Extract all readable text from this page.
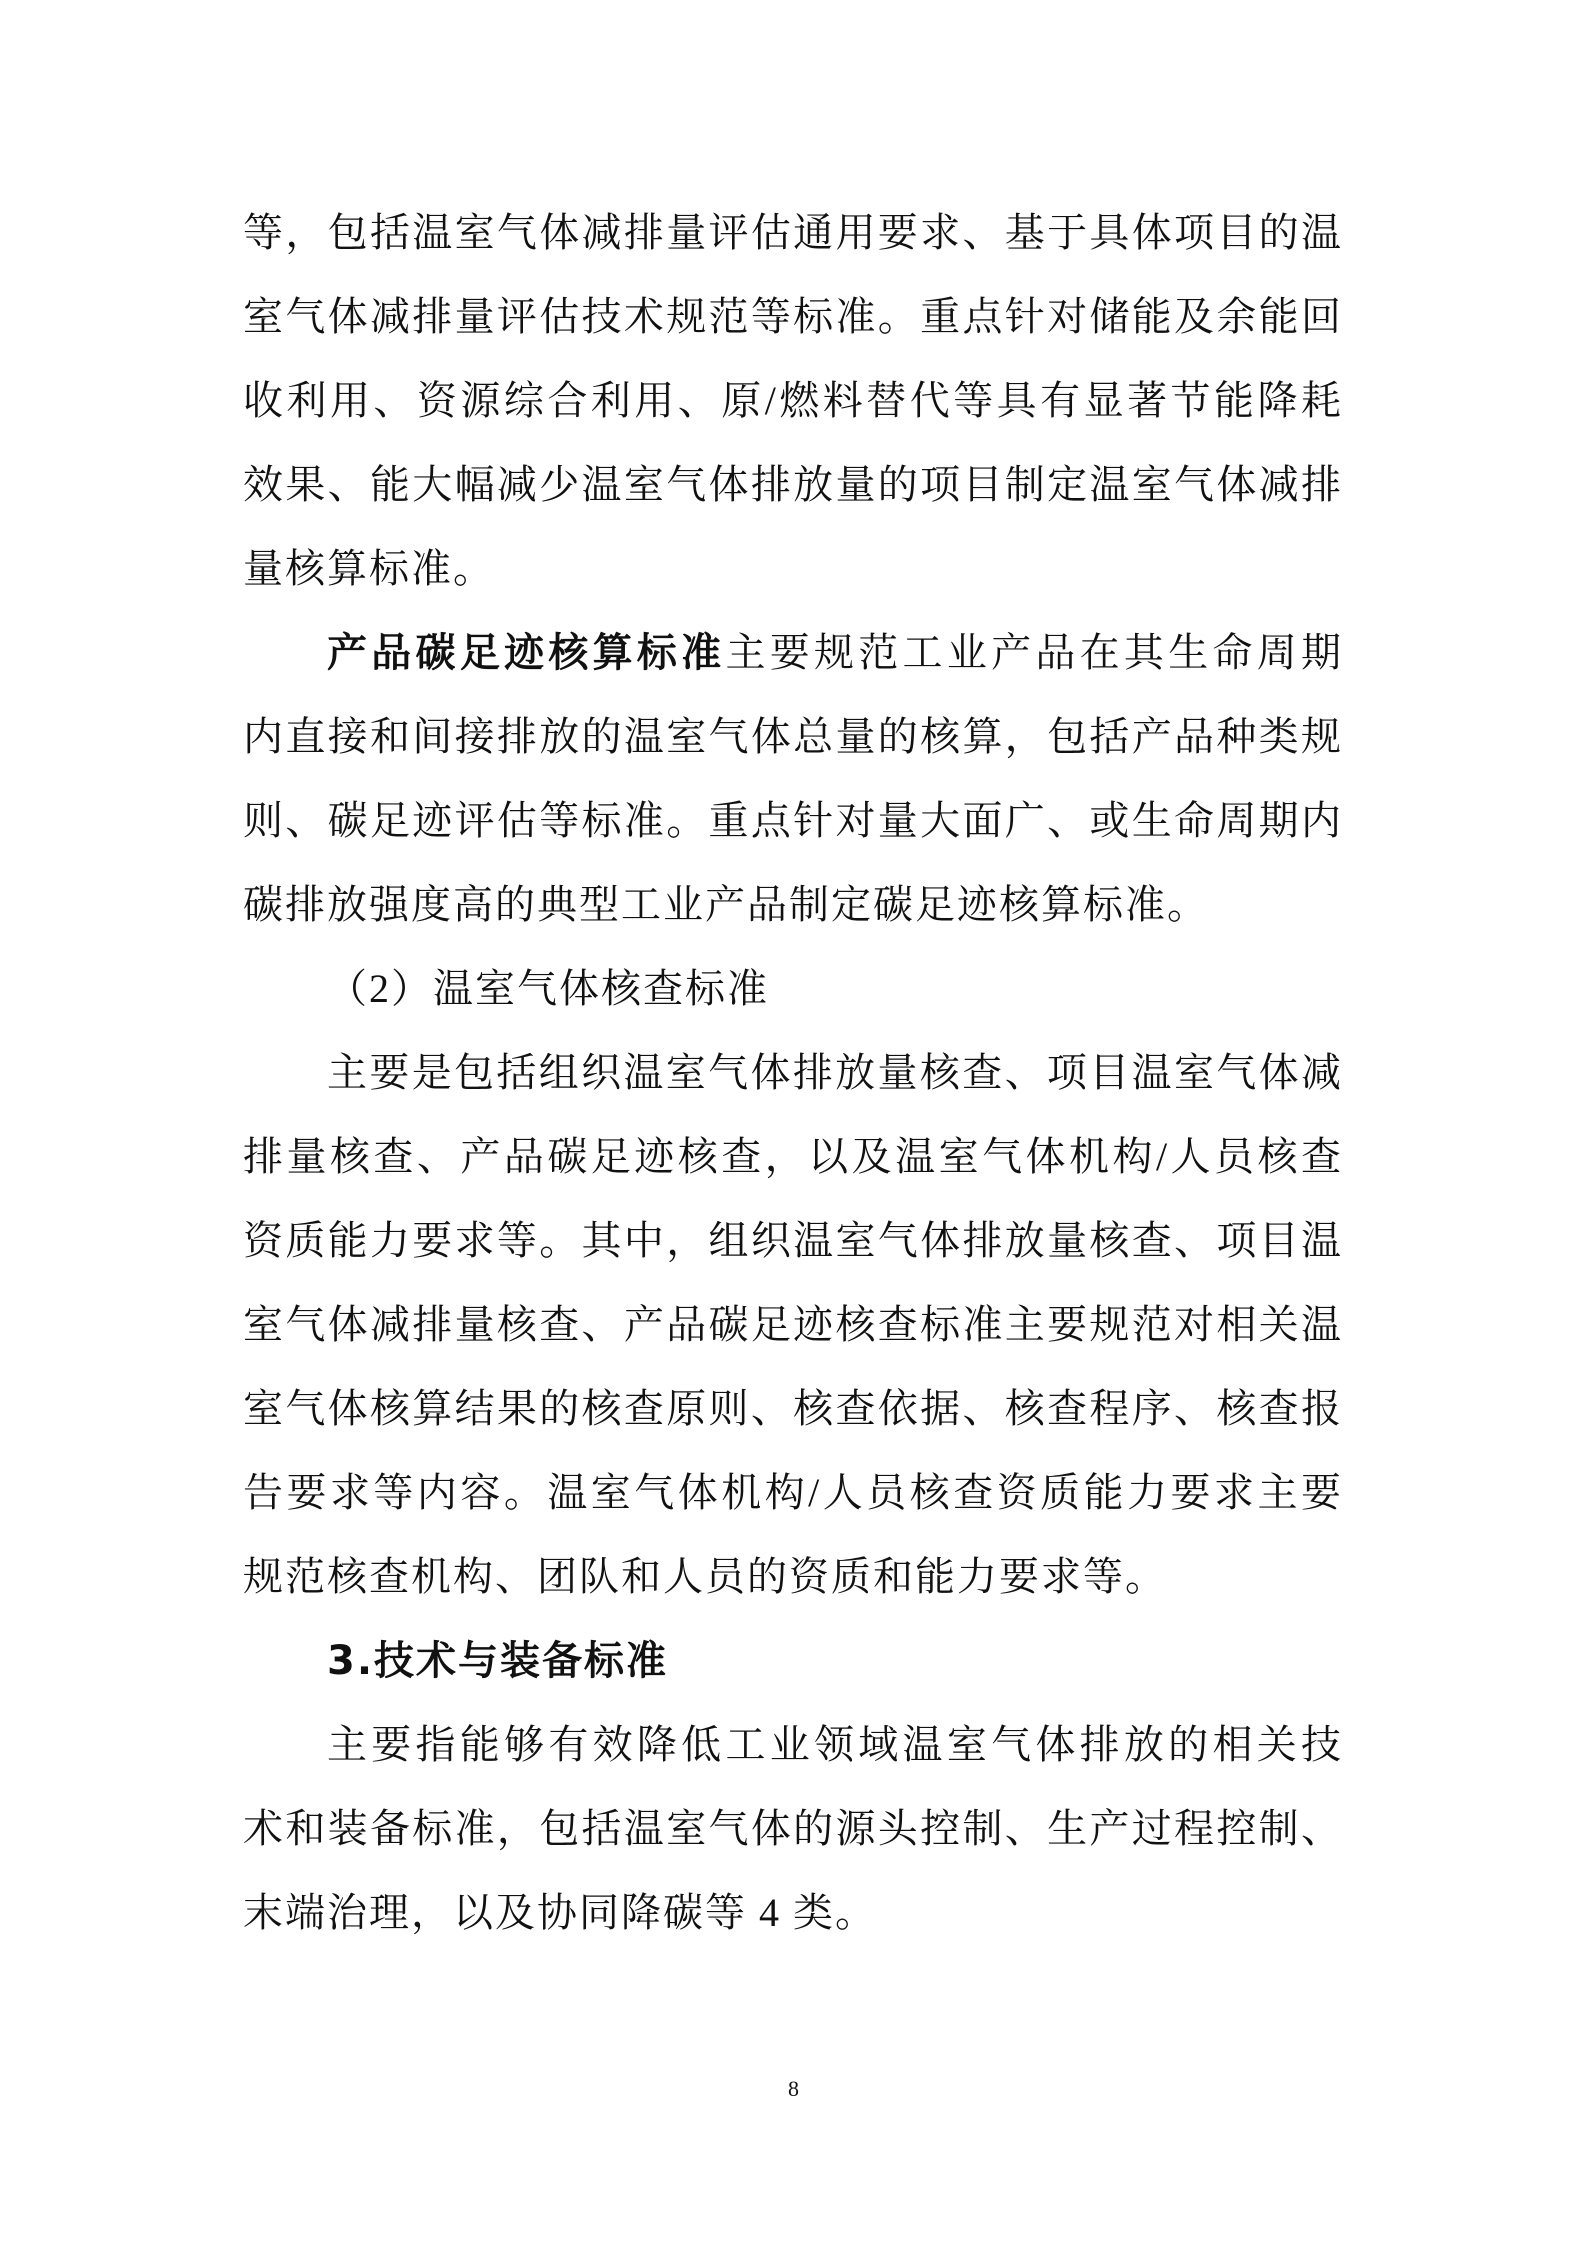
等，包括温室气体减排量评估通用要求、基于具体项目的温
室气体减排量评估技术规范等标准。重点针对储能及余能回
收利用、资源综合利用、原/燃料替代等具有显著节能降耗
效果、能大幅减少温室气体排放量的项目制定温室气体减排
量核算标准。
产品碳足迹核算标准主要规范工业产品在其生命周期
内直接和间接排放的温室气体总量的核算，包括产品种类规
则、碳足迹评估等标准。重点针对量大面广、或生命周期内
碳排放强度高的典型工业产品制定碳足迹核算标准。
（2）温室气体核查标准
主要是包括组织温室气体排放量核查、项目温室气体减
排量核查、产品碳足迹核查，以及温室气体机构/人员核查
资质能力要求等。其中，组织温室气体排放量核查、项目温
室气体减排量核查、产品碳足迹核查标准主要规范对相关温
室气体核算结果的核查原则、核查依据、核查程序、核查报
告要求等内容。温室气体机构/人员核查资质能力要求主要
规范核查机构、团队和人员的资质和能力要求等。
3.技术与装备标准
主要指能够有效降低工业领域温室气体排放的相关技
术和装备标准，包括温室气体的源头控制、生产过程控制、
末端治理，以及协同降碳等 4 类。
8
